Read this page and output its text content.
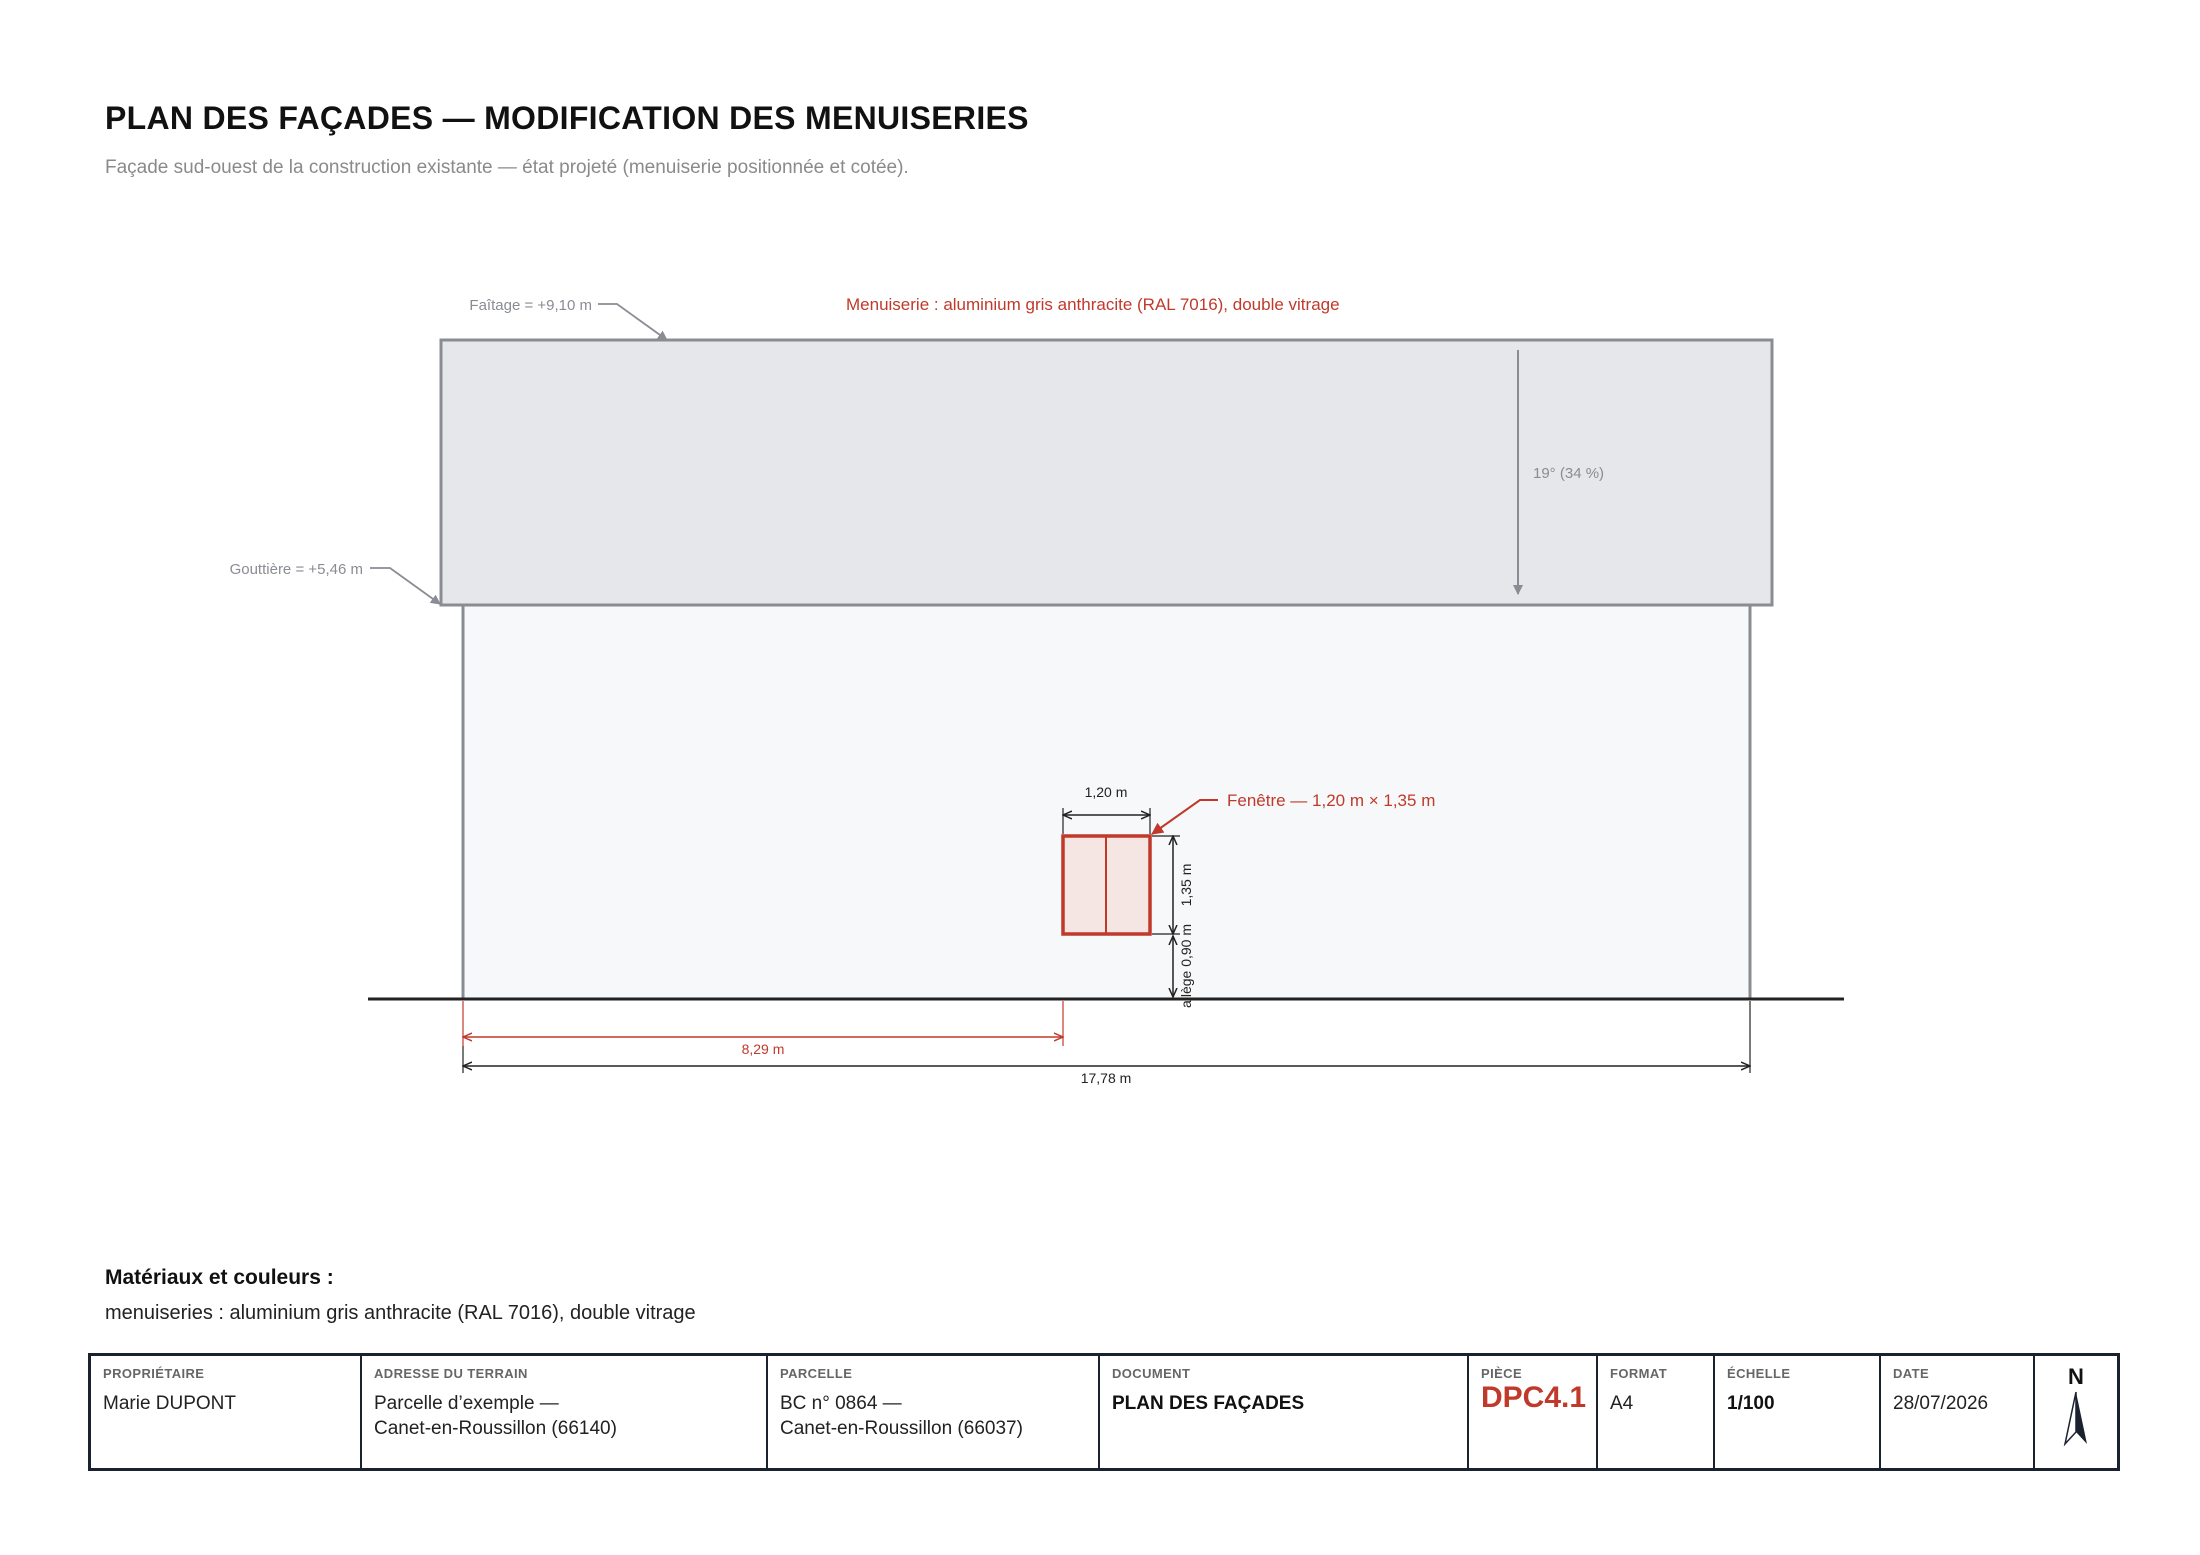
PLAN DES FAÇADES — MODIFICATION DES MENUISERIES

Façade sud-ouest de la construction existante — état projeté (menuiserie positionnée et cotée).

Faîtage = +9,10 m
Gouttière = +5,46 m
Menuiserie : aluminium gris anthracite (RAL 7016), double vitrage
19° (34 %)
1,20 m
1,35 m
allège 0,90 m
Fenêtre — 1,20 m × 1,35 m
8,29 m
17,78 m
Matériaux et couleurs :
menuiseries : aluminium gris anthracite (RAL 7016), double vitrage
PROPRIÉTAIRE
Marie DUPONT
ADRESSE DU TERRAIN
Parcelle d’exemple —
Canet-en-Roussillon (66140)
PARCELLE
BC n° 0864 —
Canet-en-Roussillon (66037)
DOCUMENT
PLAN DES FAÇADES
PIÈCE
DPC4.1
FORMAT
A4
ÉCHELLE
1/100
DATE
28/07/2026
N
